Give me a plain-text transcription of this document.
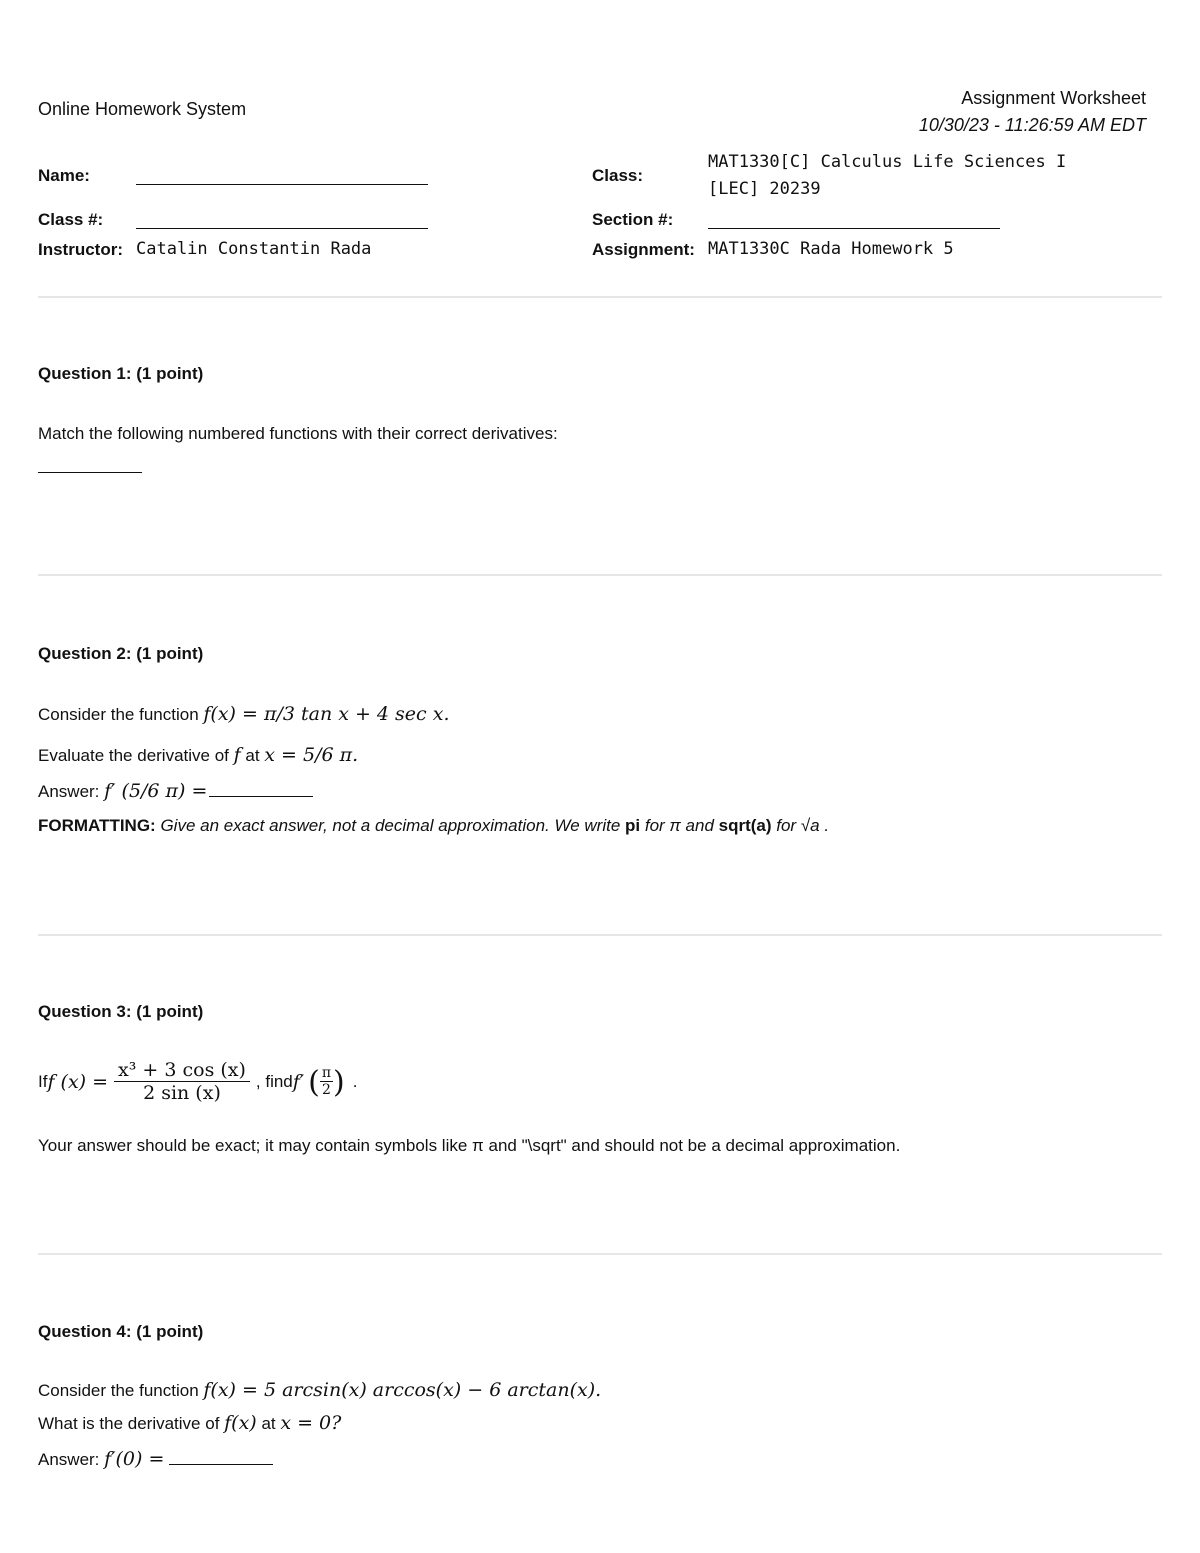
Online Homework System
Assignment Worksheet
10/30/23 - 11:26:59 AM EDT
Name:
Class #:
Instructor: Catalin Constantin Rada
Class:
MAT1330[C] Calculus Life Sciences I
[LEC] 20239
Section #:
Assignment: MAT1330C Rada Homework 5
Question 1: (1 point)
Match the following numbered functions with their correct derivatives:
Question 2: (1 point)
Consider the function f(x) = π/3 tan x + 4 sec x.
Evaluate the derivative of f at x = 5/6 π.
Answer: f′ (5/6 π) =
FORMATTING: Give an exact answer, not a decimal approximation. We write pi for π and sqrt(a) for √a .
Question 3: (1 point)
If f $(x) = \frac{\text{x³ + 3 cos (x)}}{2 \sin (x)}$ , find f′ ( $\frac{\pi}{2}$ ) .
Your answer should be exact; it may contain symbols like π and "\sqrt" and should not be a decimal approximation.
Question 4: (1 point)
Consider the function f(x) = 5 arcsin(x) arccos(x) − 6 arctan(x).
What is the derivative of f(x) at x = 0?
Answer: f′(0) =
